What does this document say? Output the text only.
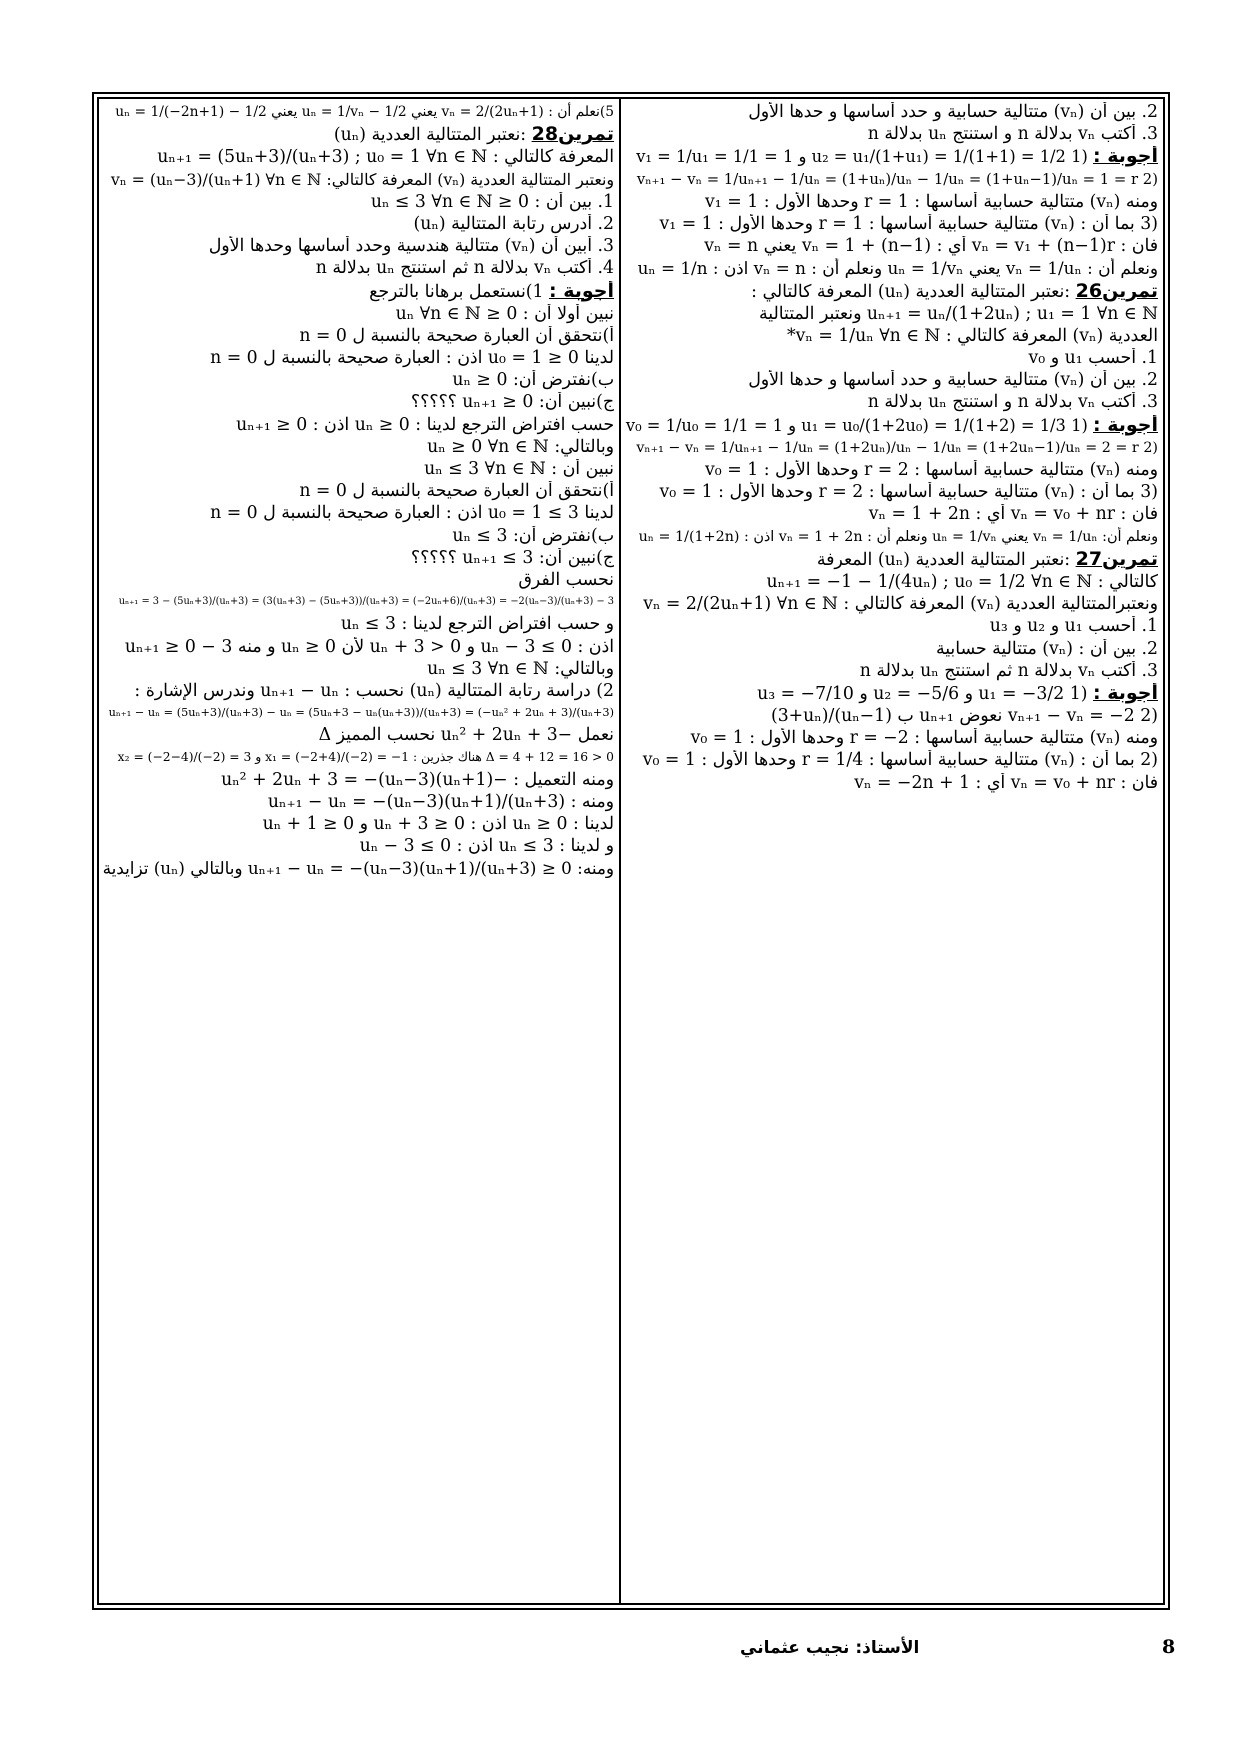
2. بين أن (vₙ) متتالية حسابية و حدد أساسها و حدها الأول
3. أكتب vₙ بدلالة n و استنتج uₙ بدلالة n
أجوبة : (1 u₂ = u₁/(1+u₁) = 1/(1+1) = 1/2 و v₁ = 1/u₁ = 1/1 = 1
(2 vₙ₊₁ − vₙ = 1/uₙ₊₁ − 1/uₙ = (1+uₙ)/uₙ − 1/uₙ = (1+uₙ−1)/uₙ = 1 = r
ومنه (vₙ) متتالية حسابية أساسها : r = 1 وحدها الأول : v₁ = 1
(3 بما أن : (vₙ) متتالية حسابية أساسها : r = 1 وحدها الأول : v₁ = 1
فان : vₙ = v₁ + (n−1)r أي : vₙ = 1 + (n−1) يعني vₙ = n
ونعلم أن : vₙ = 1/uₙ يعني uₙ = 1/vₙ ونعلم أن : vₙ = n اذن : uₙ = 1/n
تمرين26 :نعتبر المتتالية العددية (uₙ) المعرفة كالتالي :
uₙ₊₁ = uₙ/(1+2uₙ) ; u₁ = 1 ∀n ∈ ℕ ونعتبر المتتالية
العددية (vₙ) المعرفة كالتالي : vₙ = 1/uₙ ∀n ∈ ℕ*
1. أحسب u₁ و v₀
2. بين أن (vₙ) متتالية حسابية و حدد أساسها و حدها الأول
3. أكتب vₙ بدلالة n و استنتج uₙ بدلالة n
أجوبة : (1 u₁ = u₀/(1+2u₀) = 1/(1+2) = 1/3 و v₀ = 1/u₀ = 1/1 = 1
(2 vₙ₊₁ − vₙ = 1/uₙ₊₁ − 1/uₙ = (1+2uₙ)/uₙ − 1/uₙ = (1+2uₙ−1)/uₙ = 2 = r
ومنه (vₙ) متتالية حسابية أساسها : r = 2 وحدها الأول : v₀ = 1
(3 بما أن : (vₙ) متتالية حسابية أساسها : r = 2 وحدها الأول : v₀ = 1
فان : vₙ = v₀ + nr أي : vₙ = 1 + 2n
ونعلم أن: vₙ = 1/uₙ يعني uₙ = 1/vₙ ونعلم أن : vₙ = 1 + 2n اذن : uₙ = 1/(1+2n)
تمرين27 :نعتبر المتتالية العددية (uₙ) المعرفة
كالتالي : uₙ₊₁ = −1 − 1/(4uₙ) ; u₀ = 1/2 ∀n ∈ ℕ
ونعتبرالمتتالية العددية (vₙ) المعرفة كالتالي : vₙ = 2/(2uₙ+1) ∀n ∈ ℕ
1. أحسب u₁ و u₂ و u₃
2. بين أن : (vₙ) متتالية حسابية
3. أكتب vₙ بدلالة n ثم استنتج uₙ بدلالة n
أجوبة : (1 u₁ = −3/2 و u₂ = −5/6 و u₃ = −7/10
(2 vₙ₊₁ − vₙ = −2 نعوض uₙ₊₁ ب (uₙ−1)/(3+uₙ)
ومنه (vₙ) متتالية حسابية أساسها : r = −2 وحدها الأول : v₀ = 1
(2 بما أن : (vₙ) متتالية حسابية أساسها : r = 1/4 وحدها الأول : v₀ = 1
فان : vₙ = v₀ + nr أي : vₙ = −2n + 1
5)نعلم أن : vₙ = 2/(2uₙ+1) يعني uₙ = 1/vₙ − 1/2 يعني uₙ = 1/(−2n+1) − 1/2
تمرين28 :نعتبر المتتالية العددية (uₙ)
المعرفة كالتالي : uₙ₊₁ = (5uₙ+3)/(uₙ+3) ; u₀ = 1 ∀n ∈ ℕ
ونعتبر المتتالية العددية (vₙ) المعرفة كالتالي: vₙ = (uₙ−3)/(uₙ+1) ∀n ∈ ℕ
1. بين أن : 0 ≤ uₙ ≤ 3 ∀n ∈ ℕ
2. أدرس رتابة المتتالية (uₙ)
3. أبين أن (vₙ) متتالية هندسية وحدد أساسها وحدها الأول
4. أكتب vₙ بدلالة n ثم استنتج uₙ بدلالة n
أجوبة : 1)نستعمل برهانا بالترجع
نبين أولا أن : 0 ≤ uₙ ∀n ∈ ℕ
أ)نتحقق أن العبارة صحيحة بالنسبة ل n = 0
لدينا u₀ = 1 ≥ 0 اذن : العبارة صحيحة بالنسبة ل n = 0
ب)نفترض أن: uₙ ≥ 0
ج)نبين أن: uₙ₊₁ ≥ 0 ؟؟؟؟؟
حسب افتراض الترجع لدينا : uₙ ≥ 0 اذن : uₙ₊₁ ≥ 0
وبالتالي: uₙ ≥ 0 ∀n ∈ ℕ
نبين أن : uₙ ≤ 3 ∀n ∈ ℕ
أ)نتحقق أن العبارة صحيحة بالنسبة ل n = 0
لدينا u₀ = 1 ≤ 3 اذن : العبارة صحيحة بالنسبة ل n = 0
ب)نفترض أن: uₙ ≤ 3
ج)نبين أن: uₙ₊₁ ≤ 3 ؟؟؟؟؟
نحسب الفرق
3 − uₙ₊₁ = 3 − (5uₙ+3)/(uₙ+3) = (3(uₙ+3) − (5uₙ+3))/(uₙ+3) = (−2uₙ+6)/(uₙ+3) = −2(uₙ−3)/(uₙ+3)
و حسب افتراض الترجع لدينا : uₙ ≤ 3
اذن : uₙ − 3 ≤ 0 و uₙ + 3 > 0 لأن uₙ ≥ 0 و منه 3 − uₙ₊₁ ≥ 0
وبالتالي: uₙ ≤ 3 ∀n ∈ ℕ
2) دراسة رتابة المتتالية (uₙ) نحسب : uₙ₊₁ − uₙ وندرس الإشارة :
uₙ₊₁ − uₙ = (5uₙ+3)/(uₙ+3) − uₙ = (5uₙ+3 − uₙ(uₙ+3))/(uₙ+3) = (−uₙ² + 2uₙ + 3)/(uₙ+3)
نعمل −uₙ² + 2uₙ + 3 نحسب المميز Δ
Δ = 4 + 12 = 16 > 0 هناك جذرين : x₁ = (−2+4)/(−2) = −1 و x₂ = (−2−4)/(−2) = 3
ومنه التعميل : −uₙ² + 2uₙ + 3 = −(uₙ−3)(uₙ+1)
ومنه : uₙ₊₁ − uₙ = −(uₙ−3)(uₙ+1)/(uₙ+3)
لدينا : uₙ ≥ 0 اذن : uₙ + 3 ≥ 0 و uₙ + 1 ≥ 0
و لدينا : uₙ ≤ 3 اذن : uₙ − 3 ≤ 0
ومنه: uₙ₊₁ − uₙ = −(uₙ−3)(uₙ+1)/(uₙ+3) ≥ 0 وبالتالي (uₙ) تزايدية
الأستاذ: نجيب عثماني	8
